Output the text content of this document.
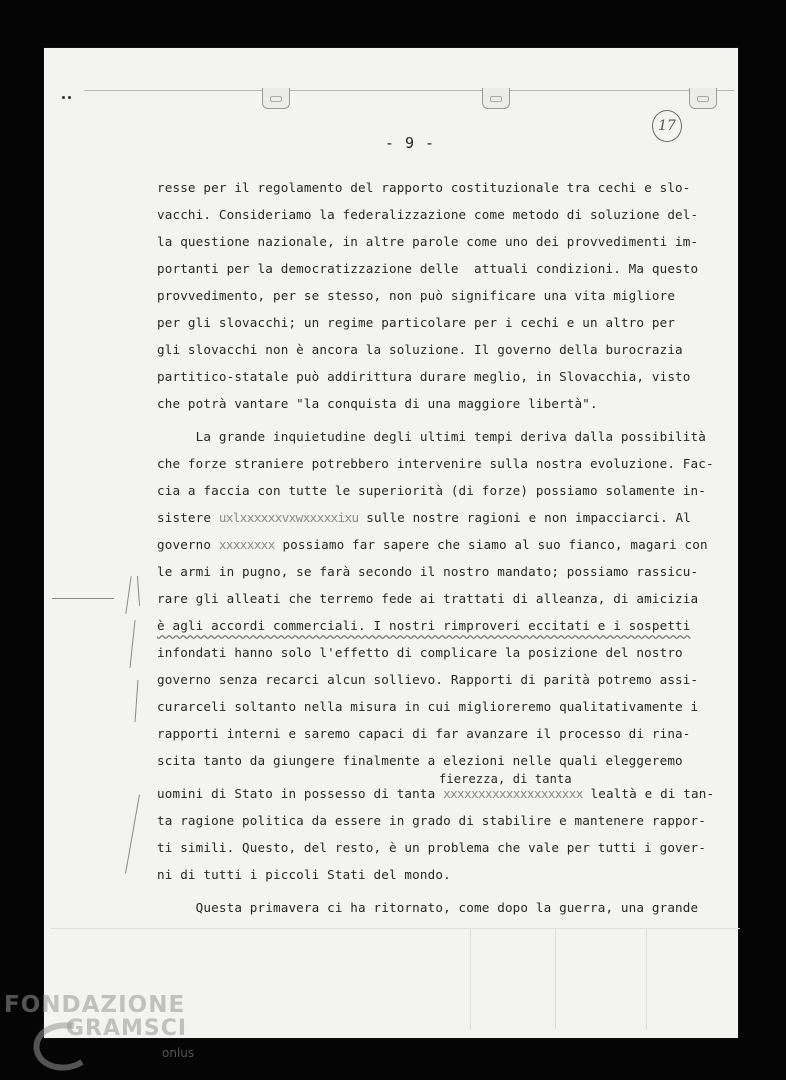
- 9 -
17
resse per il regolamento del rapporto costituzionale tra cechi e slo-
vacchi. Consideriamo la federalizzazione come metodo di soluzione del-
la questione nazionale, in altre parole come uno dei provvedimenti im-
portanti per la democratizzazione delle  attuali condizioni. Ma questo
provvedimento, per se stesso, non può significare una vita migliore
per gli slovacchi; un regime particolare per i cechi e un altro per
gli slovacchi non è ancora la soluzione. Il governo della burocrazia
partitico-statale può addirittura durare meglio, in Slovacchia, visto
che potrà vantare "la conquista di una maggiore libertà".
La grande inquietudine degli ultimi tempi deriva dalla possibilità
che forze straniere potrebbero intervenire sulla nostra evoluzione. Fac-
cia a faccia con tutte le superiorità (di forze) possiamo solamente in-
sistere uxlxxxxxxvxwxxxxxixu sulle nostre ragioni e non impacciarci. Al
governo xxxxxxxx possiamo far sapere che siamo al suo fianco, magari con
le armi in pugno, se farà secondo il nostro mandato; possiamo rassicu-
rare gli alleati che terremo fede ai trattati di alleanza, di amicizia
è agli accordi commerciali. I nostri rimproveri eccitati e i sospetti
infondati hanno solo l'effetto di complicare la posizione del nostro
governo senza recarci alcun sollievo. Rapporti di parità potremo assi-
curarceli soltanto nella misura in cui miglioreremo qualitativamente i
rapporti interni e saremo capaci di far avanzare il processo di rina-
scita tanto da giungere finalmente a elezioni nelle quali eleggeremo
fierezza, di tanta
uomini di Stato in possesso di tanta xxxxxxxxxxxxxxxxxxxx lealtà e di tan-
ta ragione politica da essere in grado di stabilire e mantenere rappor-
ti simili. Questo, del resto, è un problema che vale per tutti i gover-
ni di tutti i piccoli Stati del mondo.
Questa primavera ci ha ritornato, come dopo la guerra, una grande
FONDAZIONE
GRAMSCI
onlus
